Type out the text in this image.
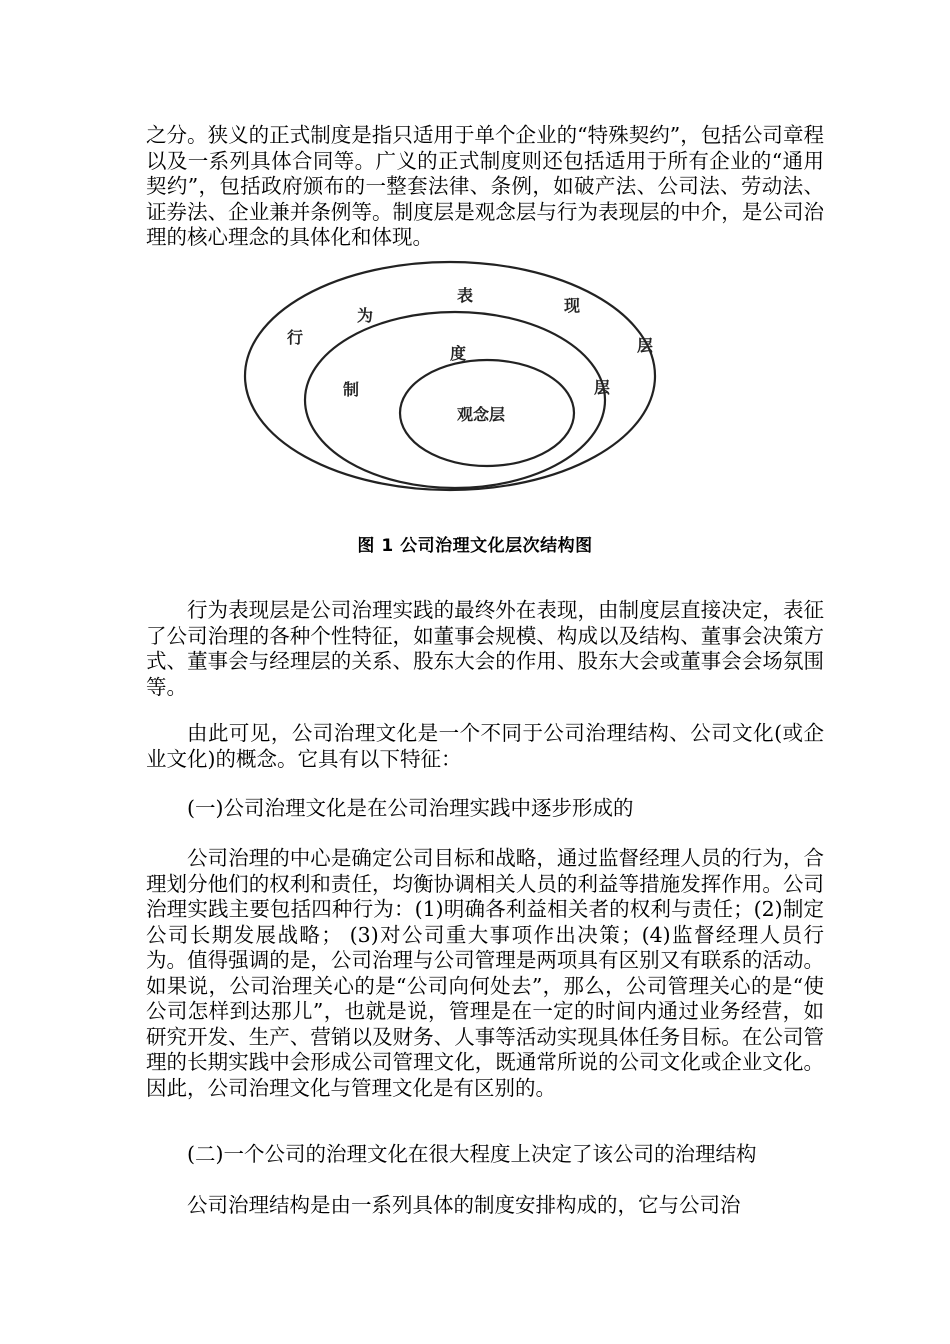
之分。狭义的正式制度是指只适用于单个企业的“特殊契约”，包括公司章程以及一系列具体合同等。广义的正式制度则还包括适用于所有企业的“通用契约”，包括政府颁布的一整套法律、条例，如破产法、公司法、劳动法、证券法、企业兼并条例等。制度层是观念层与行为表现层的中介，是公司治理的核心理念的具体化和体现。

行
为
表
现
层
制
度
层
观念层
图 1 公司治理文化层次结构图

行为表现层是公司治理实践的最终外在表现，由制度层直接决定，表征了公司治理的各种个性特征，如董事会规模、构成以及结构、董事会决策方式、董事会与经理层的关系、股东大会的作用、股东大会或董事会会场氛围等。

由此可见，公司治理文化是一个不同于公司治理结构、公司文化(或企业文化)的概念。它具有以下特征：

(一)公司治理文化是在公司治理实践中逐步形成的

公司治理的中心是确定公司目标和战略，通过监督经理人员的行为，合理划分他们的权利和责任，均衡协调相关人员的利益等措施发挥作用。公司治理实践主要包括四种行为：(1)明确各利益相关者的权利与责任；(2)制定公司长期发展战略； (3)对公司重大事项作出决策；(4)监督经理人员行为。值得强调的是，公司治理与公司管理是两项具有区别又有联系的活动。如果说，公司治理关心的是“公司向何处去”，那么，公司管理关心的是“使公司怎样到达那儿”，也就是说，管理是在一定的时间内通过业务经营，如研究开发、生产、营销以及财务、人事等活动实现具体任务目标。在公司管理的长期实践中会形成公司管理文化，既通常所说的公司文化或企业文化。因此，公司治理文化与管理文化是有区别的。

(二)一个公司的治理文化在很大程度上决定了该公司的治理结构

公司治理结构是由一系列具体的制度安排构成的，它与公司治
